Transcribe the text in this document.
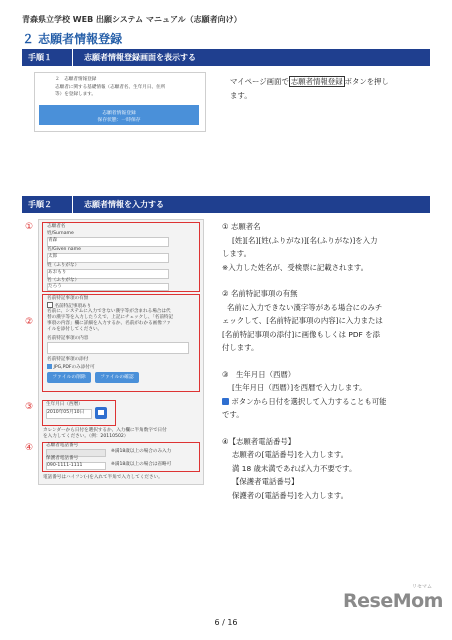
青森県立学校 WEB 出願システム マニュアル（志願者向け）
２ 志願者情報登録
手順１	志願者情報登録画面を表示する
２　志願者情報登録
志願者に関する基礎情報（志願者名、生年月日、住所
等）を登録します。
志願者情報登録
保存状態：一時保存
マイページ画面で 志願者情報登録 ボタンを押し
ます。
手順２	志願者情報を入力する
①
②
③
④
志願者名
姓/Surname
青森
名/Given name
太郎
姓（ふりがな）
あおもり
名（ふりがな）
たろう
名前特記事項の有無
名前特記事項あり
名前に、システムに入力できない漢字等が含まれる場合は代
替の漢字等を入力したうえで、上記にチェックし、「名前特記
事項の内容」欄に詳細を入力するか、名前がわかる画像ファ
イルを添付してください。
名前特記事項の内容
名前特記事項の添付
JPG,PDFのみ添付可
ファイルの削除	ファイルの確認
生年月日（西暦）
2010年05月10日
カレンダーから日付を選択するか、入力欄に半角数字で日付
を入力してください。（例：20110502）
志願者電話番号
※満18歳以上の場合のみ入力
保護者電話番号
090-1111-1111	※満18歳以上の場合は省略可
電話番号はハイフン(-)を入れて半角で入力してください。
① 志願者名
[姓][名][姓(ふりがな)][名(ふりがな)]を入力
します。
※入力した姓名が、受検票に記載されます。
② 名前特記事項の有無
名前に入力できない漢字等がある場合にのみチ
ェックして、[名前特記事項の内容]に入力または
[名前特記事項の添付]に画像もしくは PDF を添
付します。
③　生年月日（西暦）
[生年月日（西暦）]を西暦で入力します。
ボタンから日付を選択して入力することも可能
です。
④【志願者電話番号】
志願者の[電話番号]を入力します。
満 18 歳未満であれば入力不要です。
【保護者電話番号】
保護者の[電話番号]を入力します。
6 / 16
ReseMom
リセマム
